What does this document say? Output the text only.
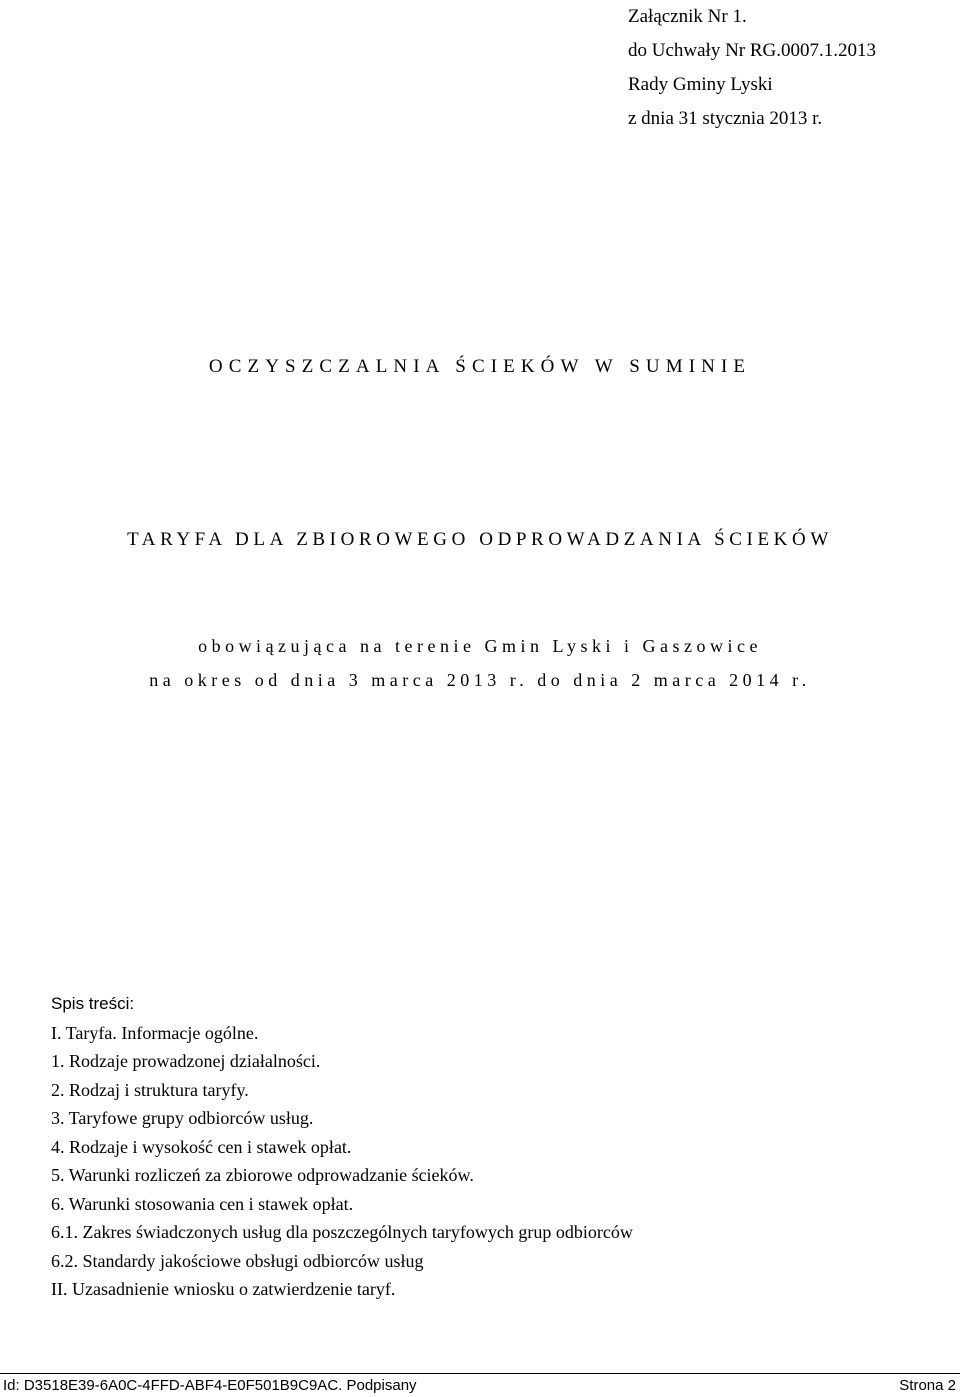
Załącznik Nr 1.
do Uchwały Nr RG.0007.1.2013
Rady Gminy Lyski
z dnia 31 stycznia 2013 r.
OCZYSZCZALNIA ŚCIEKÓW W SUMINIE
TARYFA DLA ZBIOROWEGO ODPROWADZANIA ŚCIEKÓW
obowiązująca na terenie Gmin Lyski i Gaszowice
na okres od dnia 3 marca 2013 r. do dnia 2 marca 2014 r.
Spis treści:
I. Taryfa. Informacje ogólne.
1. Rodzaje prowadzonej działalności.
2. Rodzaj i struktura taryfy.
3. Taryfowe grupy odbiorców usług.
4. Rodzaje i wysokość cen i stawek opłat.
5. Warunki rozliczeń za zbiorowe odprowadzanie ścieków.
6. Warunki stosowania cen i stawek opłat.
6.1. Zakres świadczonych usług dla poszczególnych taryfowych grup odbiorców
6.2. Standardy jakościowe obsługi odbiorców usług
II. Uzasadnienie wniosku o zatwierdzenie taryf.
Id: D3518E39-6A0C-4FFD-ABF4-E0F501B9C9AC. Podpisany	Strona 2
